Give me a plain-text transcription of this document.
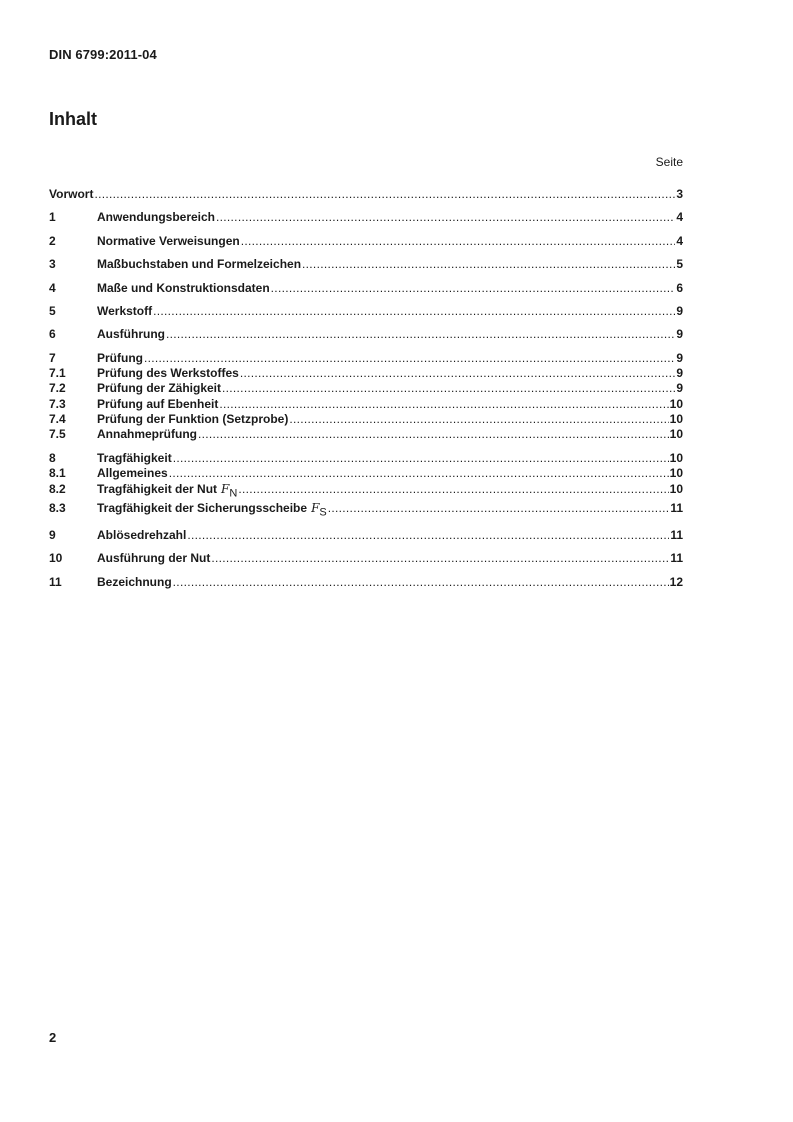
DIN 6799:2011-04
Inhalt
Seite
Vorwort .....	3
1	Anwendungsbereich .....	4
2	Normative Verweisungen .....	4
3	Maßbuchstaben und Formelzeichen .....	5
4	Maße und Konstruktionsdaten .....	6
5	Werkstoff .....	9
6	Ausführung .....	9
7	Prüfung .....	9
7.1	Prüfung des Werkstoffes .....	9
7.2	Prüfung der Zähigkeit .....	9
7.3	Prüfung auf Ebenheit .....	10
7.4	Prüfung der Funktion (Setzprobe) .....	10
7.5	Annahmeprüfung .....	10
8	Tragfähigkeit .....	10
8.1	Allgemeines .....	10
8.2	Tragfähigkeit der Nut $F_N$ .....	10
8.3	Tragfähigkeit der Sicherungsscheibe $F_S$ .....	11
9	Ablösedrehzahl .....	11
10	Ausführung der Nut .....	11
11	Bezeichnung .....	12
2
